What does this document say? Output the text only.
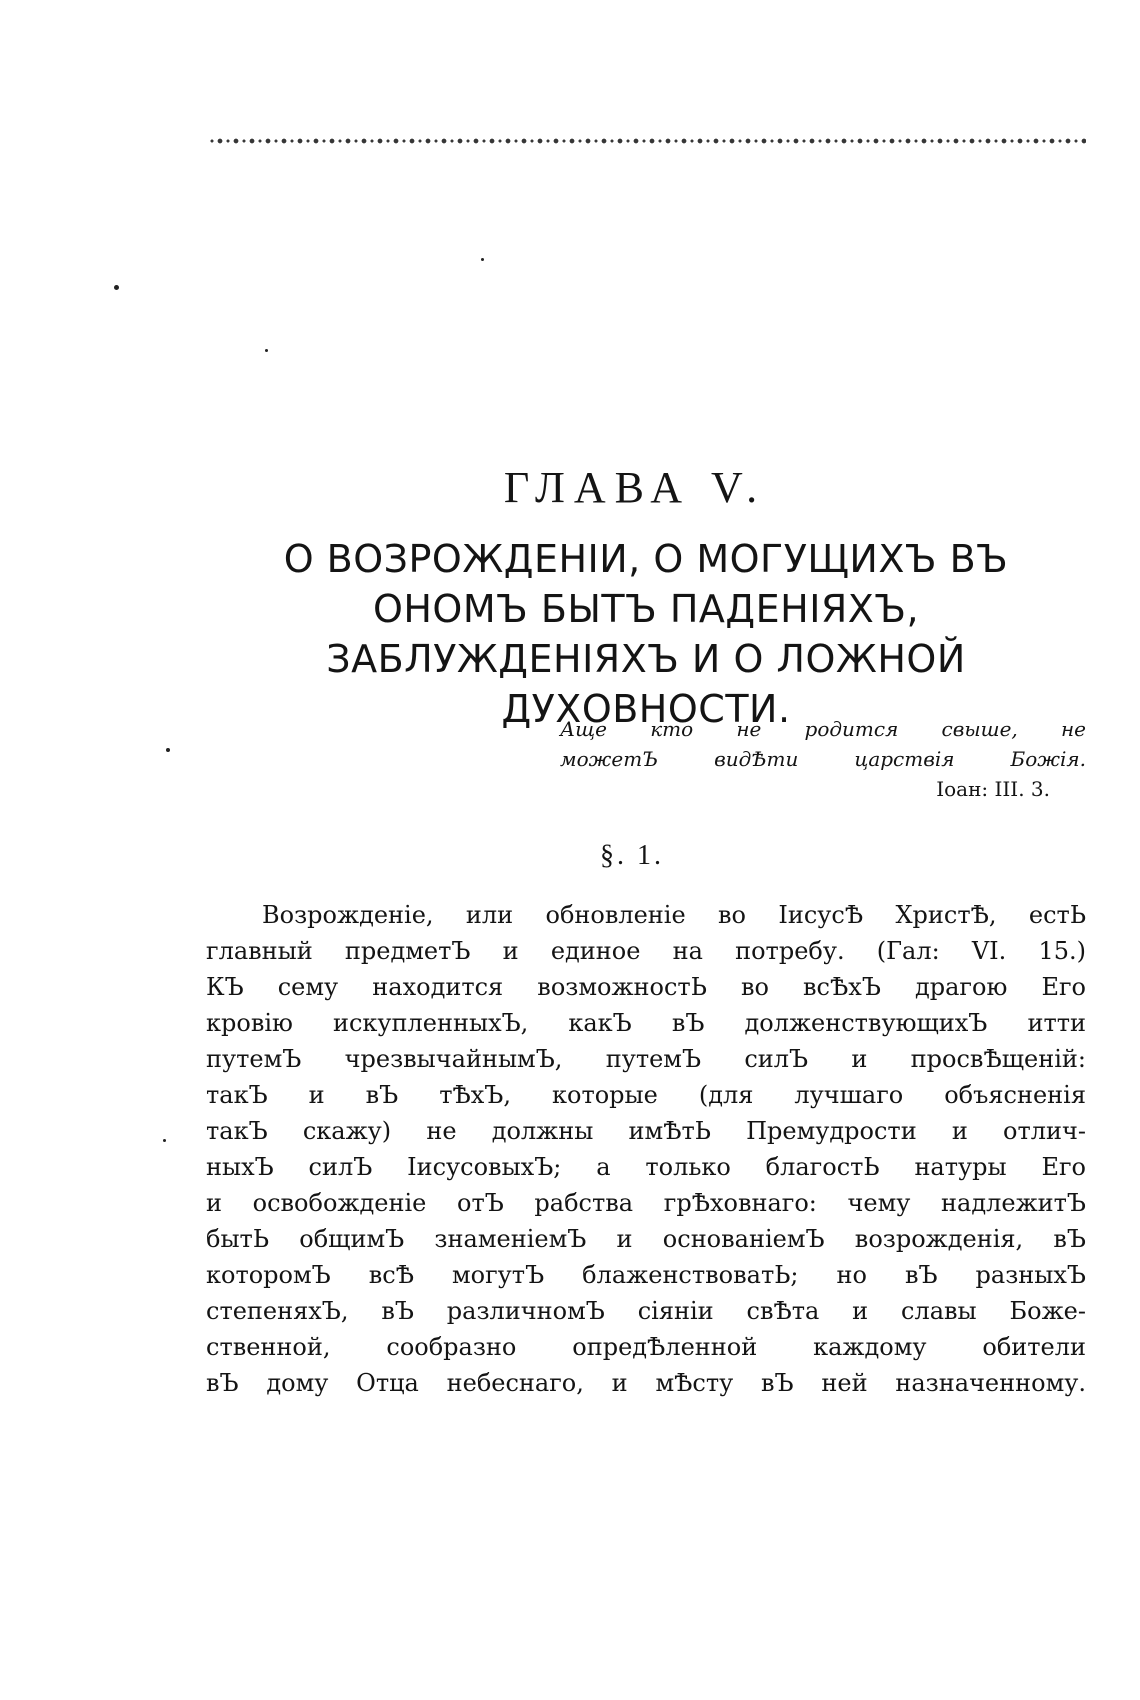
ГЛАВА V.
О ВОЗРОЖДЕНІИ, О МОГУЩИХЪ ВЪ ОНОМЪ БЫТЪ ПАДЕНІЯХЪ, ЗАБЛУЖДЕНІЯХЪ И О ЛОЖНОЙ ДУХОВНОСТИ.
Аще кто не родится свыше, не
можетЪ видѢти царствія Божія.
Іоан: III. 3.
§. 1.
Возрожденіе, или обновленіе во ІисусѢ ХристѢ, естЬ
главный предметЪ и единое на потребу. (Гал: VI. 15.)
КЪ сему находится возможностЬ во всѢхЪ драгою Его
кровію искупленныхЪ, какЪ вЪ долженствующихЪ итти
путемЪ чрезвычайнымЪ, путемЪ силЪ и просвѢщеній:
такЪ и вЪ тѢхЪ, которые (для лучшаго объясненія
такЪ скажу) не должны имѢтЬ Премудрости и отлич-
ныхЪ силЪ ІисусовыхЪ; а только благостЬ натуры Его
и освобожденіе отЪ рабства грѢховнаго: чему надлежитЪ
бытЬ общимЪ знаменіемЪ и основаніемЪ возрожденія, вЪ
которомЪ всѢ могутЪ блаженствоватЬ; но вЪ разныхЪ
степеняхЪ, вЪ различномЪ сіяніи свѢта и славы Боже-
ственной, сообразно опредѢленной каждому обители
вЪ дому Отца небеснаго, и мѢсту вЪ ней назначенному.
